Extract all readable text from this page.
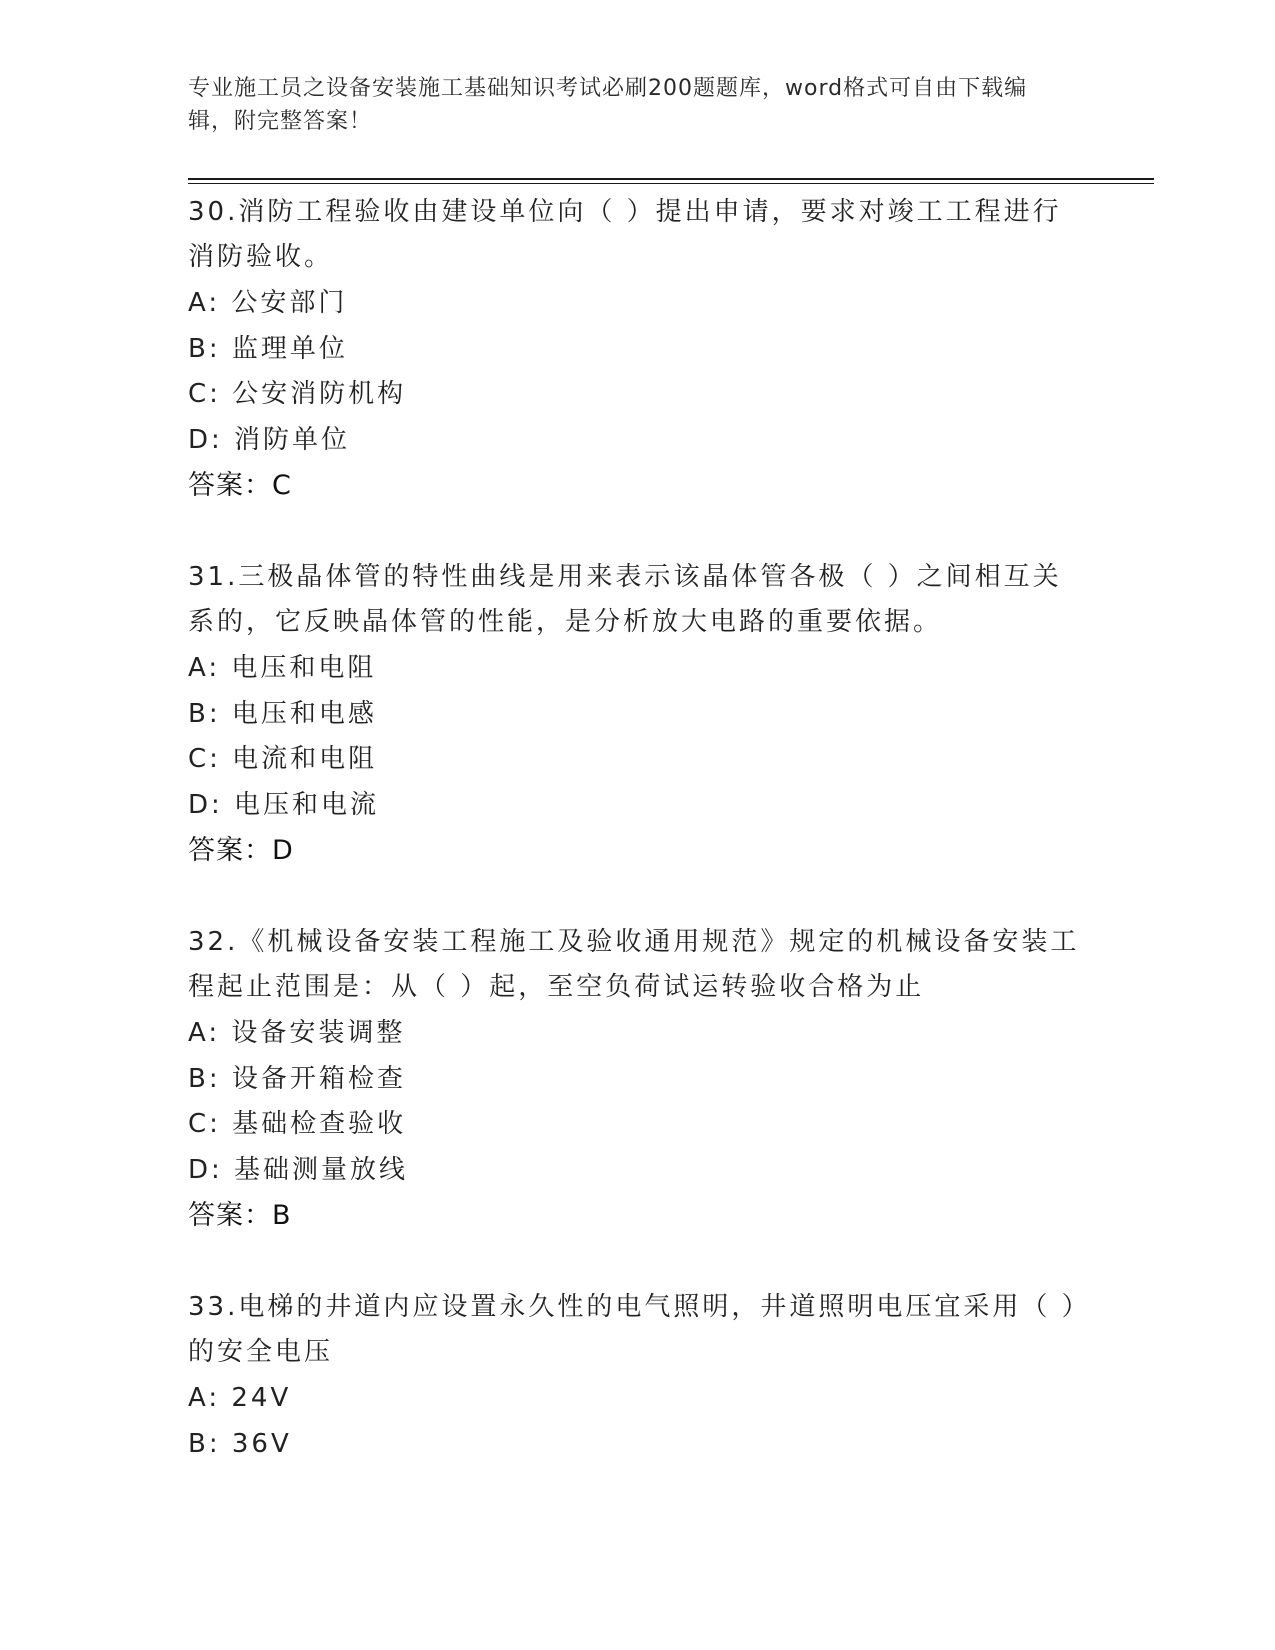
专业施工员之设备安装施工基础知识考试必刷200题题库，word格式可自由下载编辑，附完整答案！
30.消防工程验收由建设单位向（ ）提出申请，要求对竣工工程进行消防验收。
A: 公安部门
B: 监理单位
C: 公安消防机构
D: 消防单位
答案：C
31.三极晶体管的特性曲线是用来表示该晶体管各极（ ）之间相互关系的，它反映晶体管的性能，是分析放大电路的重要依据。
A: 电压和电阻
B: 电压和电感
C: 电流和电阻
D: 电压和电流
答案：D
32.《机械设备安装工程施工及验收通用规范》规定的机械设备安装工程起止范围是：从（ ）起，至空负荷试运转验收合格为止
A: 设备安装调整
B: 设备开箱检查
C: 基础检查验收
D: 基础测量放线
答案：B
33.电梯的井道内应设置永久性的电气照明，井道照明电压宜采用（ ）的安全电压
A: 24V
B: 36V
